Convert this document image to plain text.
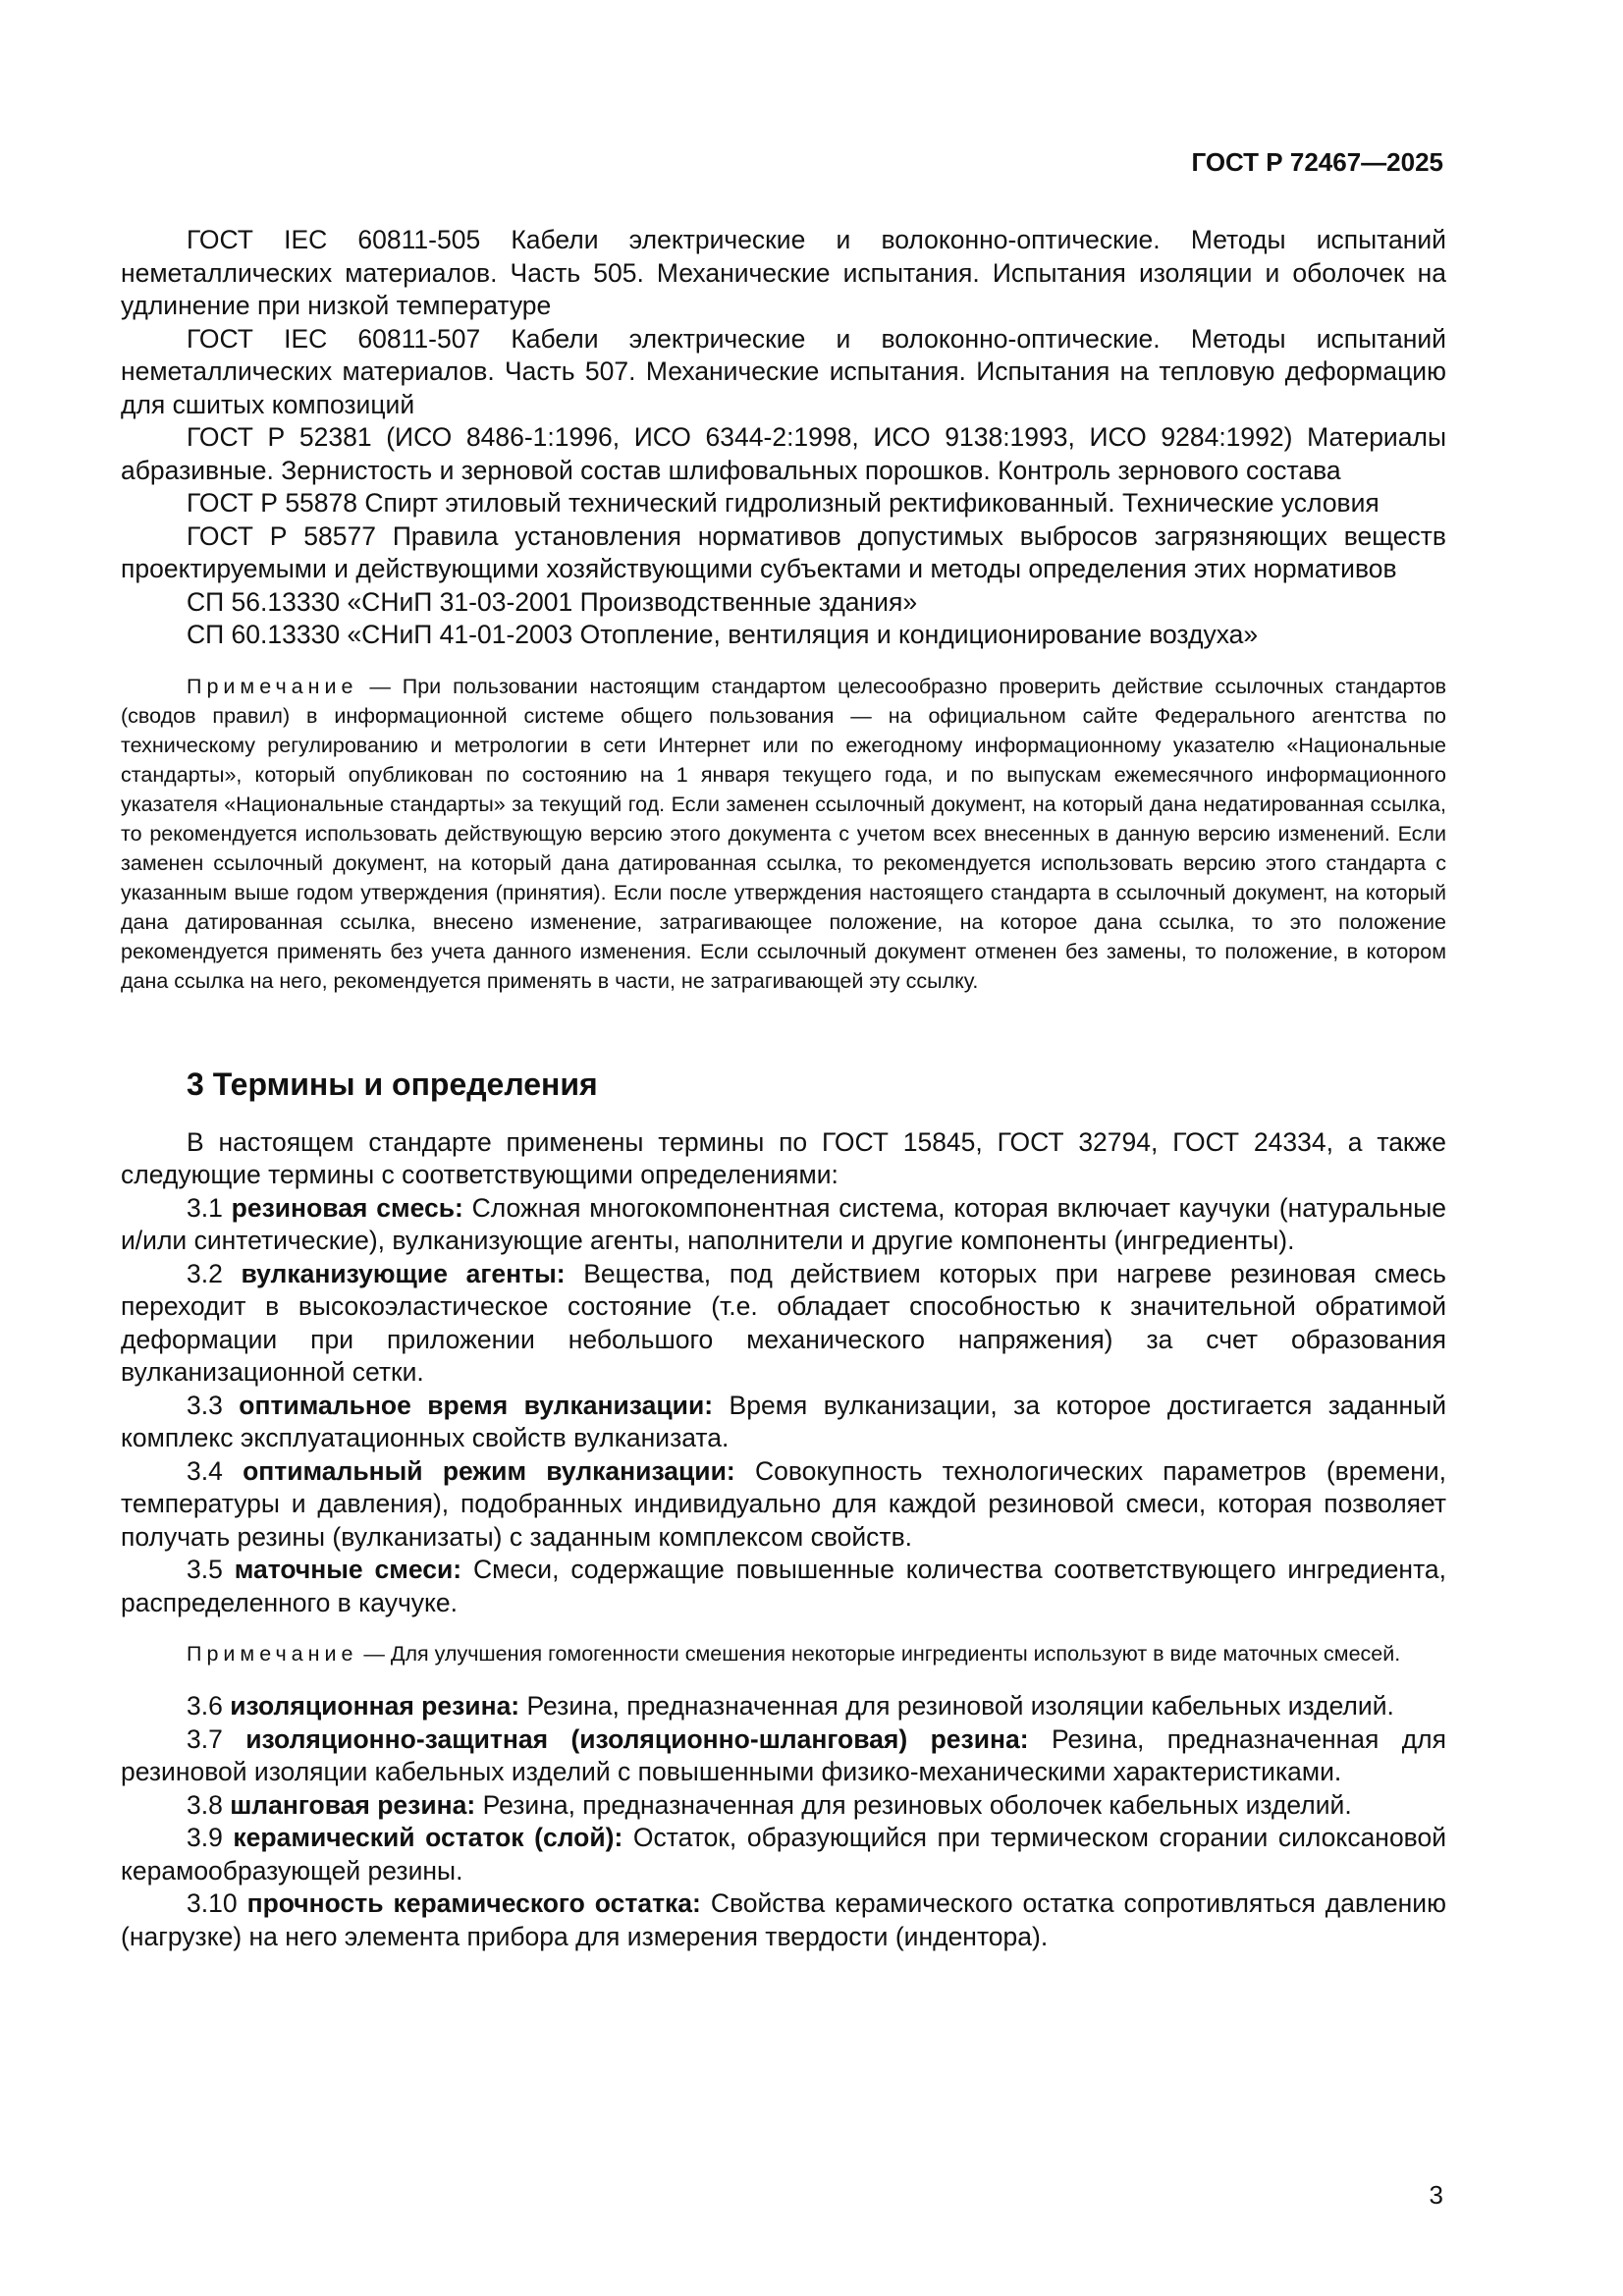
ГОСТ Р 72467—2025

ГОСТ IEC 60811-505 Кабели электрические и волоконно-оптические. Методы испытаний неметаллических материалов. Часть 505. Механические испытания. Испытания изоляции и оболочек на удлинение при низкой температуре

ГОСТ IEC 60811-507 Кабели электрические и волоконно-оптические. Методы испытаний неметаллических материалов. Часть 507. Механические испытания. Испытания на тепловую деформацию для сшитых композиций

ГОСТ Р 52381 (ИСО 8486-1:1996, ИСО 6344-2:1998, ИСО 9138:1993, ИСО 9284:1992) Материалы абразивные. Зернистость и зерновой состав шлифовальных порошков. Контроль зернового состава

ГОСТ Р 55878 Спирт этиловый технический гидролизный ректификованный. Технические условия

ГОСТ Р 58577 Правила установления нормативов допустимых выбросов загрязняющих веществ проектируемыми и действующими хозяйствующими субъектами и методы определения этих нормативов

СП 56.13330 «СНиП 31-03-2001 Производственные здания»

СП 60.13330 «СНиП 41-01-2003 Отопление, вентиляция и кондиционирование воздуха»

Примечание — При пользовании настоящим стандартом целесообразно проверить действие ссылочных стандартов (сводов правил) в информационной системе общего пользования — на официальном сайте Федерального агентства по техническому регулированию и метрологии в сети Интернет или по ежегодному информационному указателю «Национальные стандарты», который опубликован по состоянию на 1 января текущего года, и по выпускам ежемесячного информационного указателя «Национальные стандарты» за текущий год. Если заменен ссылочный документ, на который дана недатированная ссылка, то рекомендуется использовать действующую версию этого документа с учетом всех внесенных в данную версию изменений. Если заменен ссылочный документ, на который дана датированная ссылка, то рекомендуется использовать версию этого стандарта с указанным выше годом утверждения (принятия). Если после утверждения настоящего стандарта в ссылочный документ, на который дана датированная ссылка, внесено изменение, затрагивающее положение, на которое дана ссылка, то это положение рекомендуется применять без учета данного изменения. Если ссылочный документ отменен без замены, то положение, в котором дана ссылка на него, рекомендуется применять в части, не затрагивающей эту ссылку.

3 Термины и определения

В настоящем стандарте применены термины по ГОСТ 15845, ГОСТ 32794, ГОСТ 24334, а также следующие термины с соответствующими определениями:

3.1 резиновая смесь: Сложная многокомпонентная система, которая включает каучуки (натуральные и/или синтетические), вулканизующие агенты, наполнители и другие компоненты (ингредиенты).

3.2 вулканизующие агенты: Вещества, под действием которых при нагреве резиновая смесь переходит в высокоэластическое состояние (т.е. обладает способностью к значительной обратимой деформации при приложении небольшого механического напряжения) за счет образования вулканизационной сетки.

3.3 оптимальное время вулканизации: Время вулканизации, за которое достигается заданный комплекс эксплуатационных свойств вулканизата.

3.4 оптимальный режим вулканизации: Совокупность технологических параметров (времени, температуры и давления), подобранных индивидуально для каждой резиновой смеси, которая позволяет получать резины (вулканизаты) с заданным комплексом свойств.

3.5 маточные смеси: Смеси, содержащие повышенные количества соответствующего ингредиента, распределенного в каучуке.

Примечание — Для улучшения гомогенности смешения некоторые ингредиенты используют в виде маточных смесей.

3.6 изоляционная резина: Резина, предназначенная для резиновой изоляции кабельных изделий.

3.7 изоляционно-защитная (изоляционно-шланговая) резина: Резина, предназначенная для резиновой изоляции кабельных изделий с повышенными физико-механическими характеристиками.

3.8 шланговая резина: Резина, предназначенная для резиновых оболочек кабельных изделий.

3.9 керамический остаток (слой): Остаток, образующийся при термическом сгорании силоксановой керамообразующей резины.

3.10 прочность керамического остатка: Свойства керамического остатка сопротивляться давлению (нагрузке) на него элемента прибора для измерения твердости (индентора).

3
